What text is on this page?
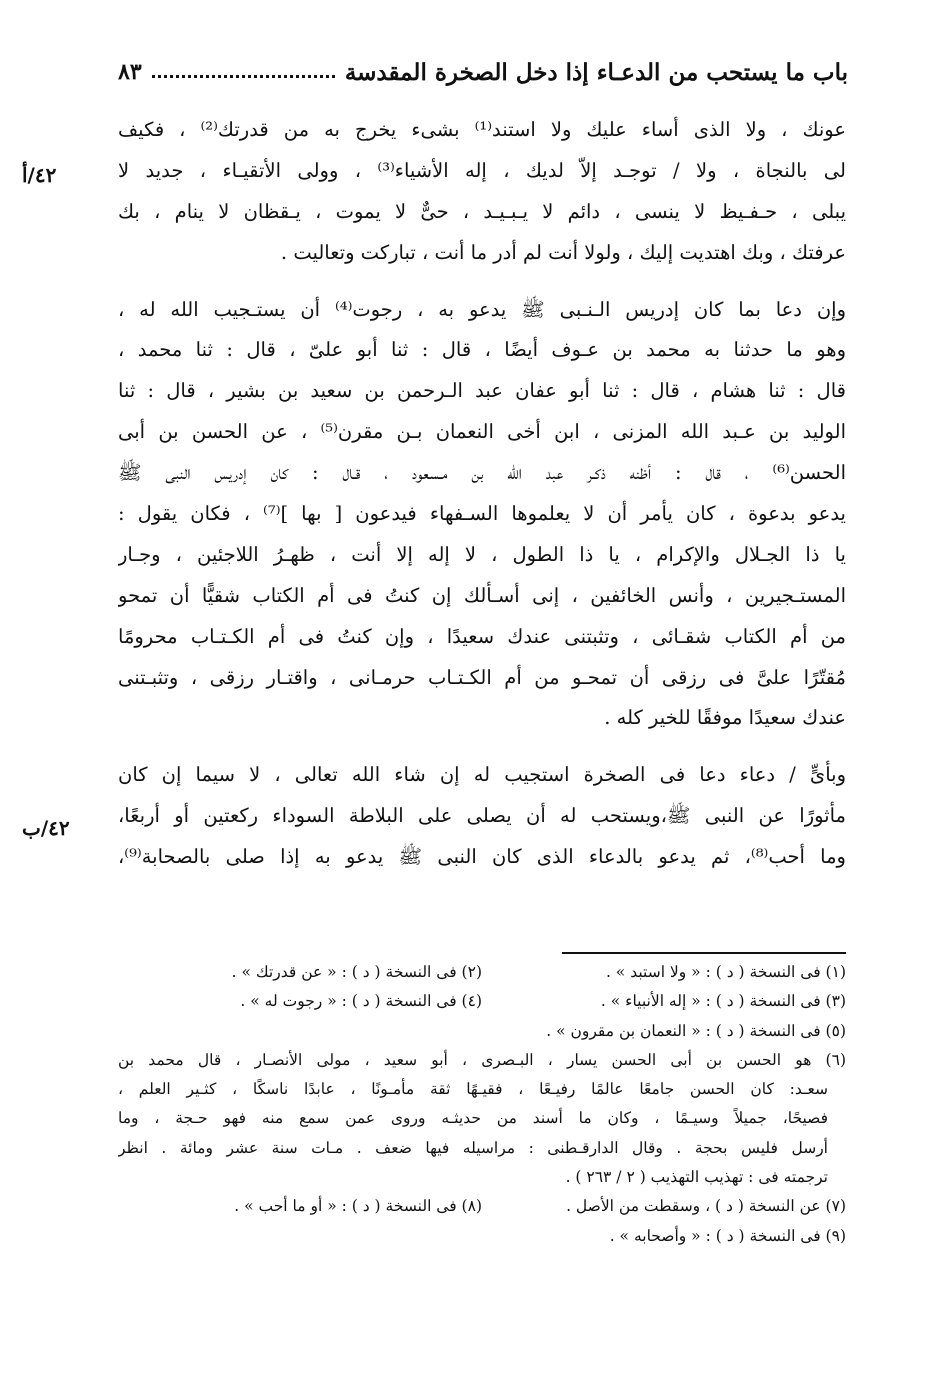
باب ما يستحب من الدعـاء إذا دخل الصخرة المقدسة
٨٣
٤٢/أ
٤٢/ب
عونك ، ولا الذى أساء عليك ولا استند⁽¹⁾ بشىء يخرج به من قدرتك⁽²⁾ ، فكيف
لى بالنجاة ، ولا / توجـد إلاّ لديك ، إله الأشياء⁽³⁾ ، وولى الأتقيـاء ، جديد لا
يبلى ، حـفـيظ لا ينسى ، دائم لا يـبـيـد ، حىٌّ لا يموت ، يـقظان لا ينام ، بك
عرفتك ، وبك اهتديت إليك ، ولولا أنت لم أدر ما أنت ، تباركت وتعاليت .
وإن دعا بما كان إدريس الـنـبى ﷺ يدعو به ، رجوت⁽⁴⁾ أن يستـجيب الله له ،
وهو ما حدثنا به محمد بن عـوف أيضًا ، قال : ثنا أبو علىّ ، قال : ثنا محمد ،
قال : ثنا هشام ، قال : ثنا أبو عفان عبد الـرحمن بن سعيد بن بشير ، قال : ثنا
الوليد بن عـبد الله المزنى ، ابن أخى النعمان بـن مقرن⁽⁵⁾ ، عن الحسن بن أبى
الحسن⁽⁶⁾ ، قال : أظنه ذكـر عبد الله بن مـسعود ، قـال : كان إدريس النبى ﷺ
يدعو بدعوة ، كان يأمر أن لا يعلموها السـفهاء فيدعون [ بها ]⁽⁷⁾ ، فكان يقول :
يا ذا الجـلال والإكرام ، يا ذا الطول ، لا إله إلا أنت ، ظهـرُ اللاجئين ، وجـار
المستـجيرين ، وأنس الخائفين ، إنى أسـألك إن كنتُ فى أم الكتاب شقيًّا أن تمحو
من أم الكتاب شقـائى ، وتثبتنى عندك سعيدًا ، وإن كنتُ فى أم الكـتـاب محرومًا
مُقتّرًا علىَّ فى رزقى أن تمحـو من أم الكـتـاب حرمـانى ، واقتـار رزقى ، وتثبـتنى
عندك سعيدًا موفقًا للخير كله .
وبأىٍّ / دعاء دعا فى الصخرة استجيب له إن شاء الله تعالى ، لا سيما إن كان
مأثورًا عن النبى ﷺ،ويستحب له أن يصلى على البلاطة السوداء ركعتين أو أربعًا،
وما أحب⁽⁸⁾، ثم يدعو بالدعاء الذى كان النبى ﷺ يدعو به إذا صلى بالصحابة⁽⁹⁾،
(١) فى النسخة ( د ) : « ولا استبد » .
(٢) فى النسخة ( د ) : « عن قدرتك » .
(٣) فى النسخة ( د ) : « إله الأنبياء » .
(٤) فى النسخة ( د ) : « رجوت له » .
(٥) فى النسخة ( د ) : « النعمان بن مقرون » .
(٦) هو الحسن بن أبى الحسن يسار ، البـصرى ، أبو سعيد ، مولى الأنصـار ، قال محمد بن
سعـد: كان الحسن جامعًا عالمًا رفيـعًا ، فقيـهًا ثقة مأمـونًا ، عابدًا ناسكًا ، كثـير العلم ،
فصيحًا، جميلاً وسيـمًا ، وكان ما أسند من حديثـه وروى عمن سمع منه فهو حـجة ، وما
أرسل فليس بحجة . وقال الدارقـطنى : مراسيله فيها ضعف . مـات سنة عشر ومائة . انظر
ترجمته فى : تهذيب التهذيب ( ٢ / ٢٦٣ ) .
(٧) عن النسخة ( د ) ، وسقطت من الأصل .
(٨) فى النسخة ( د ) : « أو ما أحب » .
(٩) فى النسخة ( د ) : « وأصحابه » .
